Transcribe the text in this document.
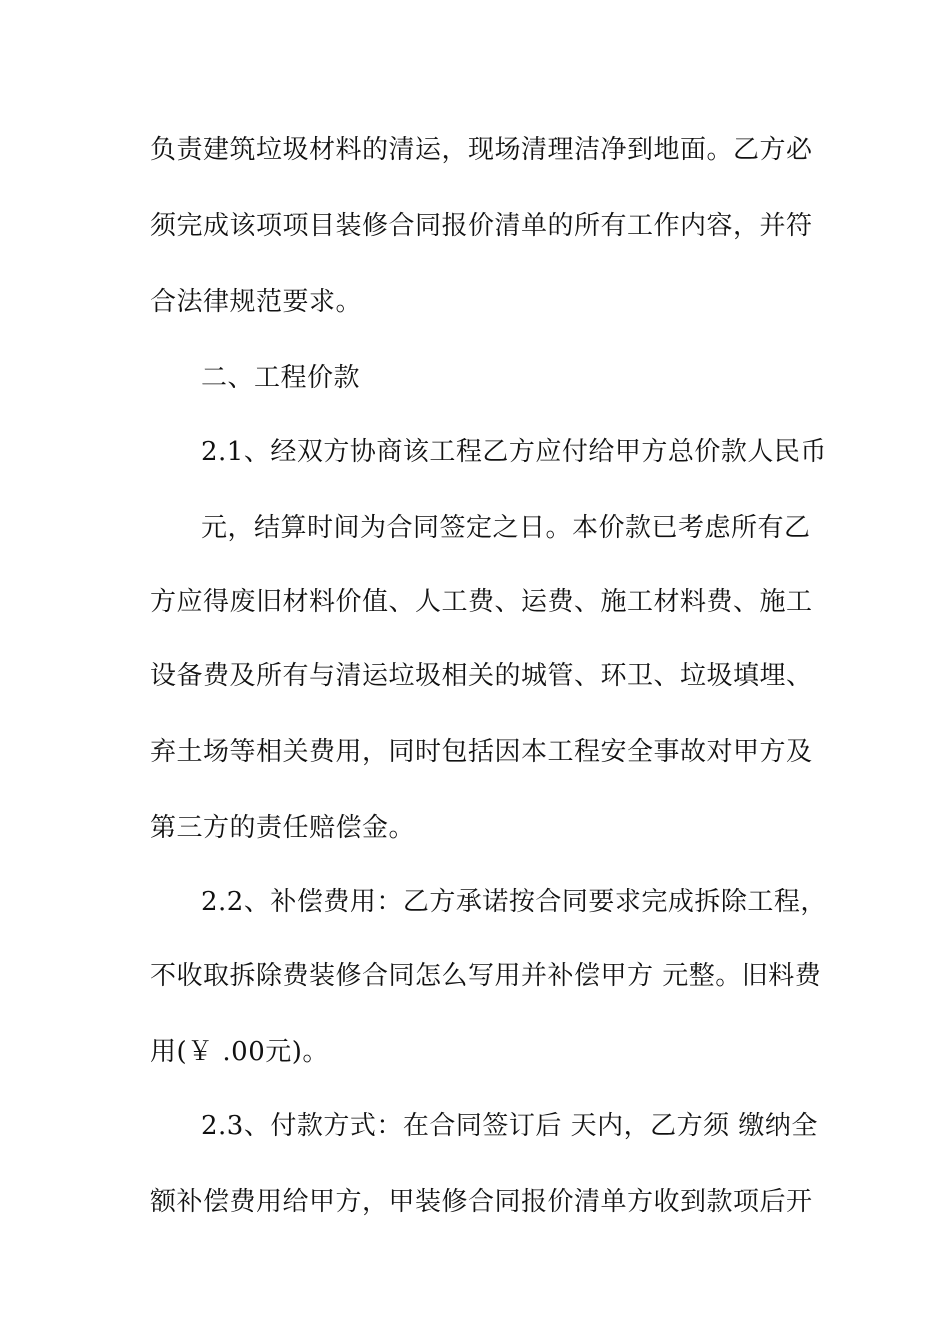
负责建筑垃圾材料的清运，现场清理洁净到地面。乙方必
须完成该项项目装修合同报价清单的所有工作内容，并符
合法律规范要求。
二、工程价款
2.1、经双方协商该工程乙方应付给甲方总价款人民币
元，结算时间为合同签定之日。本价款已考虑所有乙
方应得废旧材料价值、人工费、运费、施工材料费、施工
设备费及所有与清运垃圾相关的城管、环卫、垃圾填埋、
弃土场等相关费用，同时包括因本工程安全事故对甲方及
第三方的责任赔偿金。
2.2、补偿费用：乙方承诺按合同要求完成拆除工程，
不收取拆除费装修合同怎么写用并补偿甲方 元整。旧料费
用(￥ .00元)。
2.3、付款方式：在合同签订后 天内，乙方须 缴纳全
额补偿费用给甲方，甲装修合同报价清单方收到款项后开
